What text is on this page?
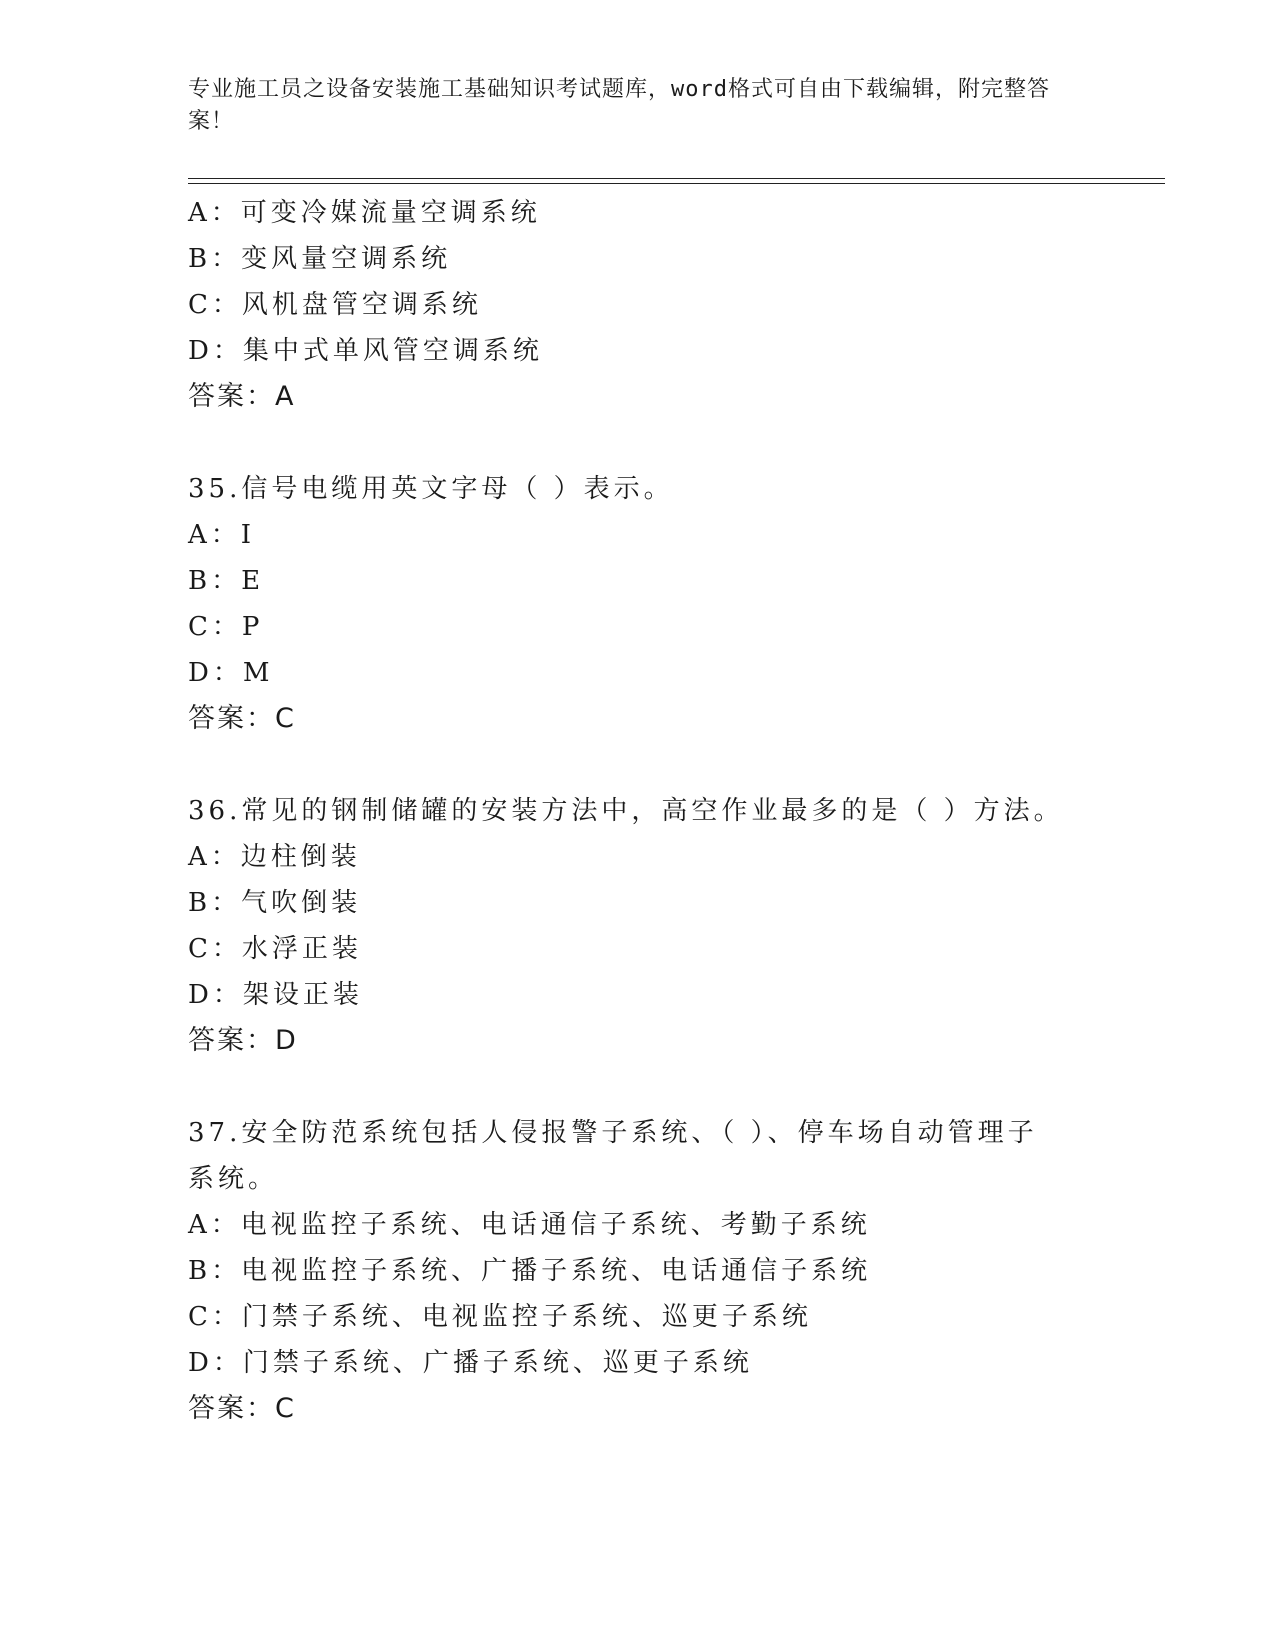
专业施工员之设备安装施工基础知识考试题库，word格式可自由下载编辑，附完整答案！
A：可变冷媒流量空调系统
B：变风量空调系统
C：风机盘管空调系统
D：集中式单风管空调系统
答案：A
35.信号电缆用英文字母（ ）表示。
A：I
B：E
C：P
D：M
答案：C
36.常见的钢制储罐的安装方法中，高空作业最多的是（ ）方法。
A：边柱倒装
B：气吹倒装
C：水浮正装
D：架设正装
答案：D
37.安全防范系统包括人侵报警子系统、（ ）、停车场自动管理子系统。
A：电视监控子系统、电话通信子系统、考勤子系统
B：电视监控子系统、广播子系统、电话通信子系统
C：门禁子系统、电视监控子系统、巡更子系统
D：门禁子系统、广播子系统、巡更子系统
答案：C
